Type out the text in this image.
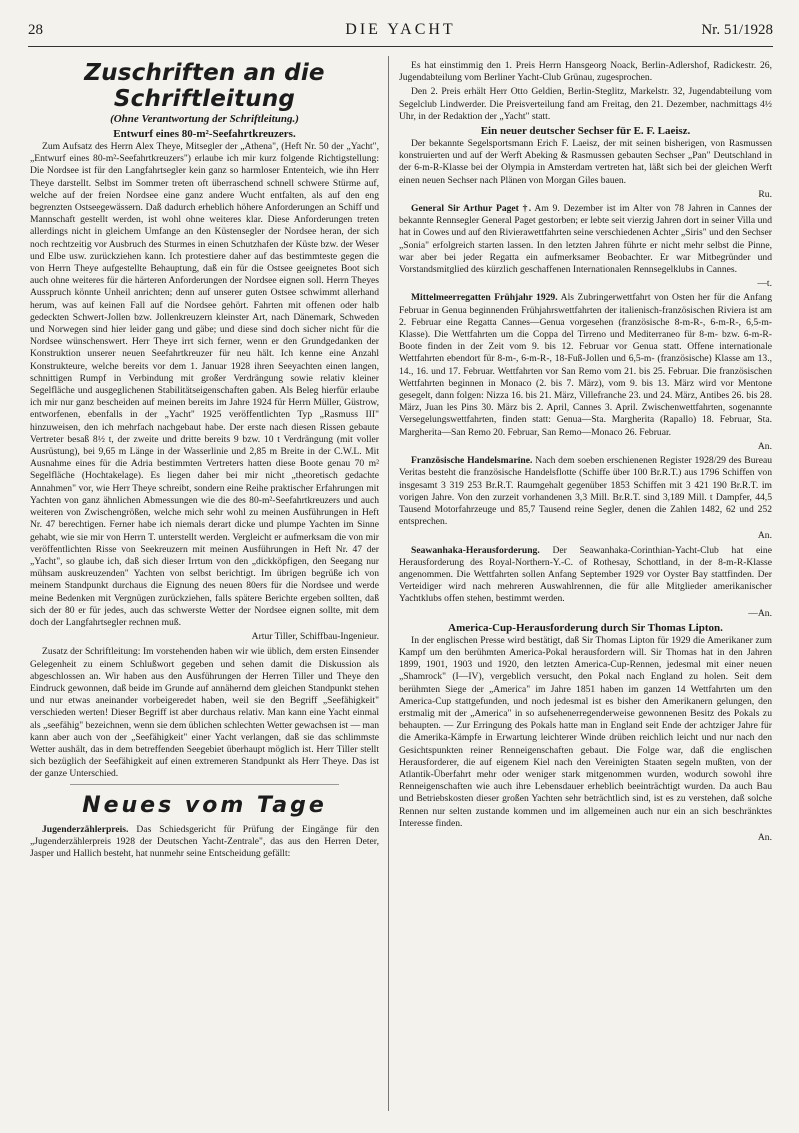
28	DIE YACHT	Nr. 51/1928
Zuschriften an die Schriftleitung
(Ohne Verantwortung der Schriftleitung.)
Entwurf eines 80-m²-Seefahrtkreuzers.

Zum Aufsatz des Herrn Alex Theye, Mitsegler der „Athena", (Heft Nr. 50 der „Yacht", „Entwurf eines 80-m²-Seefahrtkreuzers") erlaube ich mir kurz folgende Richtigstellung: Die Nordsee ist für den Langfahrtsegler kein ganz so harmloser Ententeich, wie ihn Herr Theye darstellt. Selbst im Sommer treten oft überraschend schnell schwere Stürme auf, welche auf der freien Nordsee eine ganz andere Wucht entfalten, als auf den eng begrenzten Ostseegewässern. Daß dadurch erheblich höhere Anforderungen an Schiff und Mannschaft gestellt werden, ist wohl ohne weiteres klar. Diese Anforderungen treten allerdings nicht in gleichem Umfange an den Küstensegler der Nordsee heran, der sich noch rechtzeitig vor Ausbruch des Sturmes in einen Schutzhafen der Küste bzw. der Weser und Elbe usw. zurückziehen kann. Ich protestiere daher auf das bestimmteste gegen die von Herrn Theye aufgestellte Behauptung, daß ein für die Ostsee geeignetes Boot sich auch ohne weiteres für die härteren Anforderungen der Nordsee eignen soll. Herrn Theyes Ausspruch könnte Unheil anrichten; denn auf unserer guten Ostsee schwimmt allerhand herum, was auf keinen Fall auf die Nordsee gehört. Fahrten mit offenen oder halb gedeckten Schwert-Jollen bzw. Jollenkreuzern kleinster Art, nach Dänemark, Schweden und Norwegen sind hier leider gang und gäbe; und diese sind doch sicher nicht für die Nordsee wünschenswert. Herr Theye irrt sich ferner, wenn er den Grundgedanken der Konstruktion unserer neuen Seefahrtkreuzer für neu hält. Ich kenne eine Anzahl Konstrukteure, welche bereits vor dem 1. Januar 1928 ihren Seeyachten einen langen, schnittigen Rumpf in Verbindung mit großer Verdrängung sowie relativ kleiner Segelfläche und ausgeglichenen Stabilitätseigenschaften gaben. Als Beleg hierfür erlaube ich mir nur ganz bescheiden auf meinen bereits im Jahre 1924 für Herrn Müller, Güstrow, entworfenen, ebenfalls in der „Yacht" 1925 veröffentlichten Typ „Rasmuss III" hinzuweisen, den ich mehrfach nachgebaut habe. Der erste nach diesen Rissen gebaute Vertreter besaß 8½ t, der zweite und dritte bereits 9 bzw. 10 t Verdrängung (mit voller Ausrüstung), bei 9,65 m Länge in der Wasserlinie und 2,85 m Breite in der C.W.L. Mit Ausnahme eines für die Adria bestimmten Vertreters hatten diese Boote genau 70 m² Segelfläche (Hochtakelage). Es liegen daher bei mir nicht „theoretisch gedachte Annahmen" vor, wie Herr Theye schreibt, sondern eine Reihe praktischer Erfahrungen mit Yachten von ganz ähnlichen Abmessungen wie die des 80-m²-Seefahrtkreuzers und auch weiteren von Zwischengrößen, welche mich sehr wohl zu meinen Ausführungen in Heft Nr. 47 berechtigen. Ferner habe ich niemals derart dicke und plumpe Yachten im Sinne gehabt, wie sie mir von Herrn T. unterstellt werden. Vergleicht er aufmerksam die von mir veröffentlichten Risse von Seekreuzern mit meinen Ausführungen in Heft Nr. 47 der „Yacht", so glaube ich, daß sich dieser Irrtum von den „dickköpfigen, den Seegang nur mühsam auskreuzenden" Yachten von selbst berichtigt. Im übrigen begrüße ich von meinem Standpunkt durchaus die Eignung des neuen 80ers für die Nordsee und werde meine Bedenken mit Vergnügen zurückziehen, falls spätere Berichte ergeben sollten, daß sich der 80 er für jedes, auch das schwerste Wetter der Nordsee eignen sollte, mit dem doch der Langfahrtsegler rechnen muß.

Artur Tiller, Schiffbau-Ingenieur.

Zusatz der Schriftleitung: Im vorstehenden haben wir wie üblich, dem ersten Einsender Gelegenheit zu einem Schlußwort gegeben und sehen damit die Diskussion als abgeschlossen an. Wir haben aus den Ausführungen der Herren Tiller und Theye den Eindruck gewonnen, daß beide im Grunde auf annähernd dem gleichen Standpunkt stehen und nur etwas aneinander vorbeigeredet haben, weil sie den Begriff „Seefähigkeit" verschieden werten! Dieser Begriff ist aber durchaus relativ. Man kann eine Yacht einmal als „seefähig" bezeichnen, wenn sie dem üblichen schlechten Wetter gewachsen ist — man kann aber auch von der „Seefähigkeit" einer Yacht verlangen, daß sie das schlimmste Wetter aushält, das in dem betreffenden Seegebiet überhaupt möglich ist. Herr Tiller stellt sich bezüglich der Seefähigkeit auf einen extremeren Standpunkt als Herr Theye. Das ist der ganze Unterschied.

Neues vom Tage

Jugenderzählerpreis. Das Schiedsgericht für Prüfung der Eingänge für den „Jugenderzählerpreis 1928 der Deutschen Yacht-Zentrale", das aus den Herren Deter, Jasper und Hallich besteht, hat nunmehr seine Entscheidung gefällt:

Es hat einstimmig den 1. Preis Herrn Hansgeorg Noack, Berlin-Adlershof, Radickestr. 26, Jugendabteilung vom Berliner Yacht-Club Grünau, zugesprochen.

Den 2. Preis erhält Herr Otto Geldien, Berlin-Steglitz, Markelstr. 32, Jugendabteilung vom Segelclub Lindwerder. Die Preisverteilung fand am Freitag, den 21. Dezember, nachmittags 4½ Uhr, in der Redaktion der „Yacht" statt.

Ein neuer deutscher Sechser für E. F. Laeisz.

Der bekannte Segelsportsmann Erich F. Laeisz, der mit seinen bisherigen, von Rasmussen konstruierten und auf der Werft Abeking & Rasmussen gebauten Sechser „Pan" Deutschland in der 6-m-R-Klasse bei der Olympia in Amsterdam vertreten hat, läßt sich bei der gleichen Werft einen neuen Sechser nach Plänen von Morgan Giles bauen.

Ru.

General Sir Arthur Paget †. Am 9. Dezember ist im Alter von 78 Jahren in Cannes der bekannte Rennsegler General Paget gestorben; er lebte seit vierzig Jahren dort in seiner Villa und hat in Cowes und auf den Rivierawettfahrten seine verschiedenen Achter „Siris" und den Sechser „Sonia" erfolgreich starten lassen. In den letzten Jahren führte er nicht mehr selbst die Pinne, war aber bei jeder Regatta ein aufmerksamer Beobachter. Er war Mitbegründer und Vorstandsmitglied des kürzlich geschaffenen Internationalen Rennsegelklubs in Cannes.

—t.

Mittelmeerregatten Frühjahr 1929. Als Zubringerwettfahrt von Osten her für die Anfang Februar in Genua beginnenden Frühjahrswettfahrten der italienisch-französischen Riviera ist am 2. Februar eine Regatta Cannes—Genua vorgesehen (französische 8-m-R-, 6-m-R-, 6,5-m-Klasse). Die Wettfahrten um die Coppa del Tirreno und Mediterraneo für 8-m- bzw. 6-m-R-Boote finden in der Zeit vom 9. bis 12. Februar vor Genua statt. Offene internationale Wettfahrten ebendort für 8-m-, 6-m-R-, 18-Fuß-Jollen und 6,5-m- (französische) Klasse am 13., 14., 16. und 17. Februar. Wettfahrten vor San Remo vom 21. bis 25. Februar. Die französischen Wettfahrten beginnen in Monaco (2. bis 7. März), vom 9. bis 13. März wird vor Mentone gesegelt, dann folgen: Nizza 16. bis 21. März, Villefranche 23. und 24. März, Antibes 26. bis 28. März, Juan les Pins 30. März bis 2. April, Cannes 3. April. Zwischenwettfahrten, sogenannte Versegelungswettfahrten, finden statt: Genua—Sta. Margherita (Rapallo) 18. Februar, Sta. Margherita—San Remo 20. Februar, San Remo—Monaco 26. Februar.

An.

Französische Handelsmarine. Nach dem soeben erschienenen Register 1928/29 des Bureau Veritas besteht die französische Handelsflotte (Schiffe über 100 Br.R.T.) aus 1796 Schiffen von insgesamt 3 319 253 Br.R.T. Raumgehalt gegenüber 1853 Schiffen mit 3 421 190 Br.R.T. im vorigen Jahre. Von den zurzeit vorhandenen 3,3 Mill. Br.R.T. sind 3,189 Mill. t Dampfer, 44,5 Tausend Motorfahrzeuge und 85,7 Tausend reine Segler, denen die Zahlen 1482, 62 und 252 entsprechen.

An.

Seawanhaka-Herausforderung. Der Seawanhaka-Corinthian-Yacht-Club hat eine Herausforderung des Royal-Northern-Y.-C. of Rothesay, Schottland, in der 8-m-R-Klasse angenommen. Die Wettfahrten sollen Anfang September 1929 vor Oyster Bay stattfinden. Der Verteidiger wird nach mehreren Auswahlrennen, die für alle Mitglieder amerikanischer Yachtklubs offen stehen, bestimmt werden.

—An.
America-Cup-Herausforderung durch Sir Thomas Lipton.

In der englischen Presse wird bestätigt, daß Sir Thomas Lipton für 1929 die Amerikaner zum Kampf um den berühmten America-Pokal herausfordern will. Sir Thomas hat in den Jahren 1899, 1901, 1903 und 1920, den letzten America-Cup-Rennen, jedesmal mit einer neuen „Shamrock" (I—IV), vergeblich versucht, den Pokal nach England zu holen. Seit dem berühmten Siege der „America" im Jahre 1851 haben im ganzen 14 Wettfahrten um den America-Cup stattgefunden, und noch jedesmal ist es bisher den Amerikanern gelungen, den erstmalig mit der „America" in so aufsehenerregenderweise gewonnenen Besitz des Pokals zu behaupten. — Zur Erringung des Pokals hatte man in England seit Ende der achtziger Jahre für die Amerika-Kämpfe in Erwartung leichterer Winde drüben reichlich leicht und nur nach den Gesichtspunkten reiner Renneigenschaften gebaut. Die Folge war, daß die englischen Herausforderer, die auf eigenem Kiel nach den Vereinigten Staaten segeln mußten, von der Atlantik-Überfahrt mehr oder weniger stark mitgenommen wurden, wodurch sowohl ihre Renneigenschaften wie auch ihre Lebensdauer erheblich beeinträchtigt wurden. Da auch Bau und Betriebskosten dieser großen Yachten sehr beträchtlich sind, ist es zu verstehen, daß solche Rennen nur selten zustande kommen und im allgemeinen auch nur ein an sich beschränktes Interesse finden.

An.
